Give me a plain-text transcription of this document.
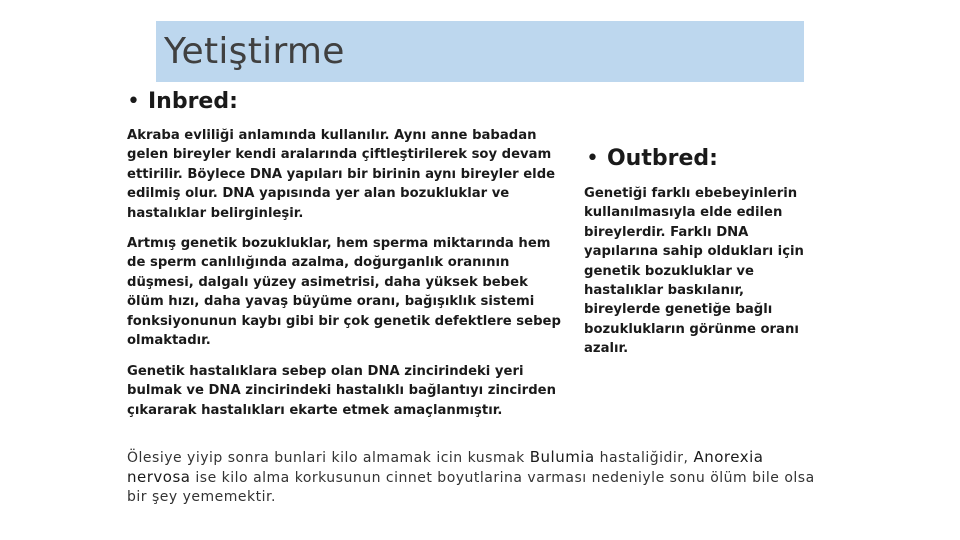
Yetiştirme
• Inbred:

Akraba evliliği anlamında kullanılır. Aynı anne babadan gelen bireyler kendi aralarında çiftleştirilerek soy devam ettirilir. Böylece DNA yapıları bir birinin aynı bireyler elde edilmiş olur. DNA yapısında yer alan bozukluklar ve hastalıklar belirginleşir.

Artmış genetik bozukluklar, hem sperma miktarında hem de sperm canlılığında azalma, doğurganlık oranının düşmesi, dalgalı yüzey asimetrisi, daha yüksek bebek ölüm hızı, daha yavaş büyüme oranı, bağışıklık sistemi fonksiyonunun kaybı gibi bir çok genetik defektlere sebep olmaktadır.

Genetik hastalıklara sebep olan DNA zincirindeki yeri bulmak ve DNA zincirindeki hastalıklı bağlantıyı zincirden çıkararak hastalıkları ekarte etmek amaçlanmıştır.

• Outbred:

Genetiği farklı ebebeyinlerin kullanılmasıyla elde edilen bireylerdir. Farklı DNA yapılarına sahip oldukları için genetik bozukluklar ve hastalıklar baskılanır, bireylerde genetiğe bağlı bozuklukların görünme oranı azalır.

Ölesiye yiyip sonra bunlari kilo almamak icin kusmak Bulumia hastaliğidir, Anorexia nervosa ise kilo alma korkusunun cinnet boyutlarina varması nedeniyle sonu ölüm bile olsa bir şey yememektir.
